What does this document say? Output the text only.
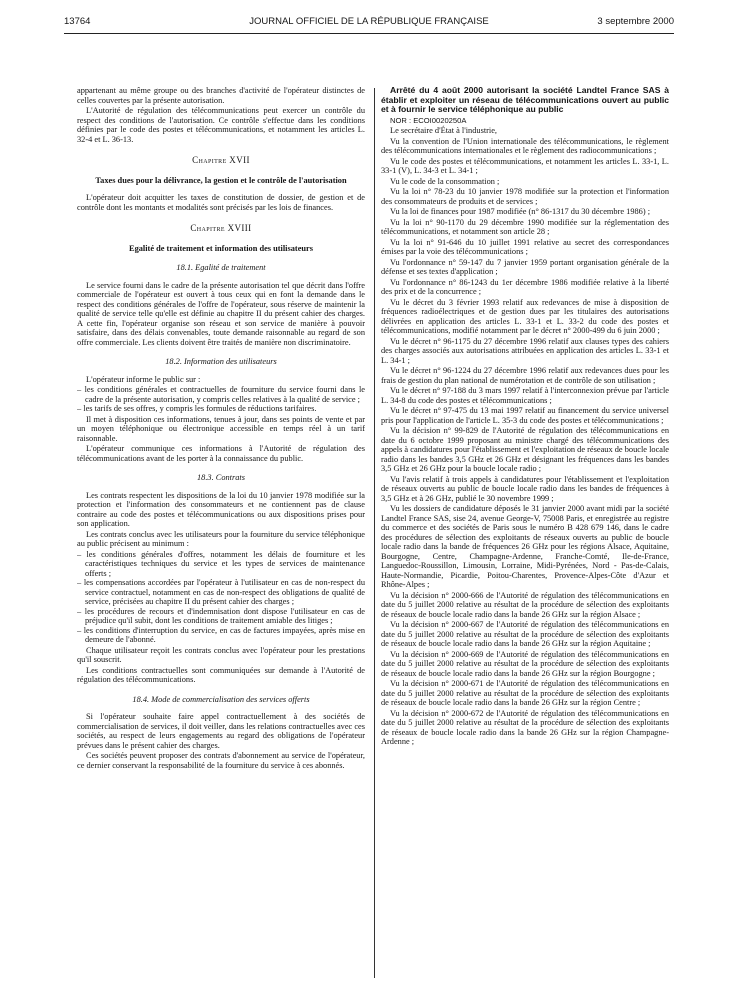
13764	JOURNAL OFFICIEL DE LA RÉPUBLIQUE FRANÇAISE	3 septembre 2000

appartenant au même groupe ou des branches d'activité de l'opérateur distinctes de celles couvertes par la présente autorisation.

L'Autorité de régulation des télécommunications peut exercer un contrôle du respect des conditions de l'autorisation. Ce contrôle s'effectue dans les conditions définies par le code des postes et télécommunications, et notamment les articles L. 32-4 et L. 36-13.

Chapitre XVII

Taxes dues pour la délivrance, la gestion et le contrôle de l'autorisation

L'opérateur doit acquitter les taxes de constitution de dossier, de gestion et de contrôle dont les montants et modalités sont précisés par les lois de finances.

Chapitre XVIII

Egalité de traitement et information des utilisateurs

18.1. Egalité de traitement

Le service fourni dans le cadre de la présente autorisation tel que décrit dans l'offre commerciale de l'opérateur est ouvert à tous ceux qui en font la demande dans le respect des conditions générales de l'offre de l'opérateur, sous réserve de maintenir la qualité de service telle qu'elle est définie au chapitre II du présent cahier des charges. A cette fin, l'opérateur organise son réseau et son service de manière à pouvoir satisfaire, dans des délais convenables, toute demande raisonnable au regard de son offre commerciale. Les clients doivent être traités de manière non discriminatoire.

18.2. Information des utilisateurs

L'opérateur informe le public sur :

– les conditions générales et contractuelles de fourniture du service fourni dans le cadre de la présente autorisation, y compris celles relatives à la qualité de service ;
– les tarifs de ses offres, y compris les formules de réductions tarifaires.

Il met à disposition ces informations, tenues à jour, dans ses points de vente et par un moyen téléphonique ou électronique accessible en temps réel à un tarif raisonnable.

L'opérateur communique ces informations à l'Autorité de régulation des télécommunications avant de les porter à la connaissance du public.

18.3. Contrats

Les contrats respectent les dispositions de la loi du 10 janvier 1978 modifiée sur la protection et l'information des consommateurs et ne contiennent pas de clause contraire au code des postes et télécommunications ou aux dispositions prises pour son application.

Les contrats conclus avec les utilisateurs pour la fourniture du service téléphonique au public précisent au minimum :

– les conditions générales d'offres, notamment les délais de fourniture et les caractéristiques techniques du service et les types de services de maintenance offerts ;
– les compensations accordées par l'opérateur à l'utilisateur en cas de non-respect du service contractuel, notamment en cas de non-respect des obligations de qualité de service, précisées au chapitre II du présent cahier des charges ;
– les procédures de recours et d'indemnisation dont dispose l'utilisateur en cas de préjudice qu'il subit, dont les conditions de traitement amiable des litiges ;
– les conditions d'interruption du service, en cas de factures impayées, après mise en demeure de l'abonné.

Chaque utilisateur reçoit les contrats conclus avec l'opérateur pour les prestations qu'il souscrit.

Les conditions contractuelles sont communiquées sur demande à l'Autorité de régulation des télécommunications.

18.4. Mode de commercialisation des services offerts

Si l'opérateur souhaite faire appel contractuellement à des sociétés de commercialisation de services, il doit veiller, dans les relations contractuelles avec ces sociétés, au respect de leurs engagements au regard des obligations de l'opérateur prévues dans le présent cahier des charges.

Ces sociétés peuvent proposer des contrats d'abonnement au service de l'opérateur, ce dernier conservant la responsabilité de la fourniture du service à ces abonnés.

Arrêté du 4 août 2000 autorisant la société Landtel France SAS à établir et exploiter un réseau de télécommunications ouvert au public et à fournir le service téléphonique au public

NOR : ECOI0020250A

Le secrétaire d'État à l'industrie,

Vu la convention de l'Union internationale des télécommunications, le règlement des télécommunications internationales et le règlement des radiocommunications ;

Vu le code des postes et télécommunications, et notamment les articles L. 33-1, L. 33-1 (V), L. 34-3 et L. 34-1 ;

Vu le code de la consommation ;

Vu la loi n° 78-23 du 10 janvier 1978 modifiée sur la protection et l'information des consommateurs de produits et de services ;

Vu la loi de finances pour 1987 modifiée (n° 86-1317 du 30 décembre 1986) ;

Vu la loi n° 90-1170 du 29 décembre 1990 modifiée sur la réglementation des télécommunications, et notamment son article 28 ;

Vu la loi n° 91-646 du 10 juillet 1991 relative au secret des correspondances émises par la voie des télécommunications ;

Vu l'ordonnance n° 59-147 du 7 janvier 1959 portant organisation générale de la défense et ses textes d'application ;

Vu l'ordonnance n° 86-1243 du 1er décembre 1986 modifiée relative à la liberté des prix et de la concurrence ;

Vu le décret du 3 février 1993 relatif aux redevances de mise à disposition de fréquences radioélectriques et de gestion dues par les titulaires des autorisations délivrées en application des articles L. 33-1 et L. 33-2 du code des postes et télécommunications, modifié notamment par le décret n° 2000-499 du 6 juin 2000 ;

Vu le décret n° 96-1175 du 27 décembre 1996 relatif aux clauses types des cahiers des charges associés aux autorisations attribuées en application des articles L. 33-1 et L. 34-1 ;

Vu le décret n° 96-1224 du 27 décembre 1996 relatif aux redevances dues pour les frais de gestion du plan national de numérotation et de contrôle de son utilisation ;

Vu le décret n° 97-188 du 3 mars 1997 relatif à l'interconnexion prévue par l'article L. 34-8 du code des postes et télécommunications ;

Vu le décret n° 97-475 du 13 mai 1997 relatif au financement du service universel pris pour l'application de l'article L. 35-3 du code des postes et télécommunications ;

Vu la décision n° 99-829 de l'Autorité de régulation des télécommunications en date du 6 octobre 1999 proposant au ministre chargé des télécommunications des appels à candidatures pour l'établissement et l'exploitation de réseaux de boucle locale radio dans les bandes 3,5 GHz et 26 GHz et désignant les fréquences dans les bandes 3,5 GHz et 26 GHz pour la boucle locale radio ;

Vu l'avis relatif à trois appels à candidatures pour l'établissement et l'exploitation de réseaux ouverts au public de boucle locale radio dans les bandes de fréquences à 3,5 GHz et à 26 GHz, publié le 30 novembre 1999 ;

Vu les dossiers de candidature déposés le 31 janvier 2000 avant midi par la société Landtel France SAS, sise 24, avenue George-V, 75008 Paris, et enregistrée au registre du commerce et des sociétés de Paris sous le numéro B 428 679 146, dans le cadre des procédures de sélection des exploitants de réseaux ouverts au public de boucle locale radio dans la bande de fréquences 26 GHz pour les régions Alsace, Aquitaine, Bourgogne, Centre, Champagne-Ardenne, Franche-Comté, Ile-de-France, Languedoc-Roussillon, Limousin, Lorraine, Midi-Pyrénées, Nord - Pas-de-Calais, Haute-Normandie, Picardie, Poitou-Charentes, Provence-Alpes-Côte d'Azur et Rhône-Alpes ;

Vu la décision n° 2000-666 de l'Autorité de régulation des télécommunications en date du 5 juillet 2000 relative au résultat de la procédure de sélection des exploitants de réseaux de boucle locale radio dans la bande 26 GHz sur la région Alsace ;

Vu la décision n° 2000-667 de l'Autorité de régulation des télécommunications en date du 5 juillet 2000 relative au résultat de la procédure de sélection des exploitants de réseaux de boucle locale radio dans la bande 26 GHz sur la région Aquitaine ;

Vu la décision n° 2000-669 de l'Autorité de régulation des télécommunications en date du 5 juillet 2000 relative au résultat de la procédure de sélection des exploitants de réseaux de boucle locale radio dans la bande 26 GHz sur la région Bourgogne ;

Vu la décision n° 2000-671 de l'Autorité de régulation des télécommunications en date du 5 juillet 2000 relative au résultat de la procédure de sélection des exploitants de réseaux de boucle locale radio dans la bande 26 GHz sur la région Centre ;

Vu la décision n° 2000-672 de l'Autorité de régulation des télécommunications en date du 5 juillet 2000 relative au résultat de la procédure de sélection des exploitants de réseaux de boucle locale radio dans la bande 26 GHz sur la région Champagne-Ardenne ;
